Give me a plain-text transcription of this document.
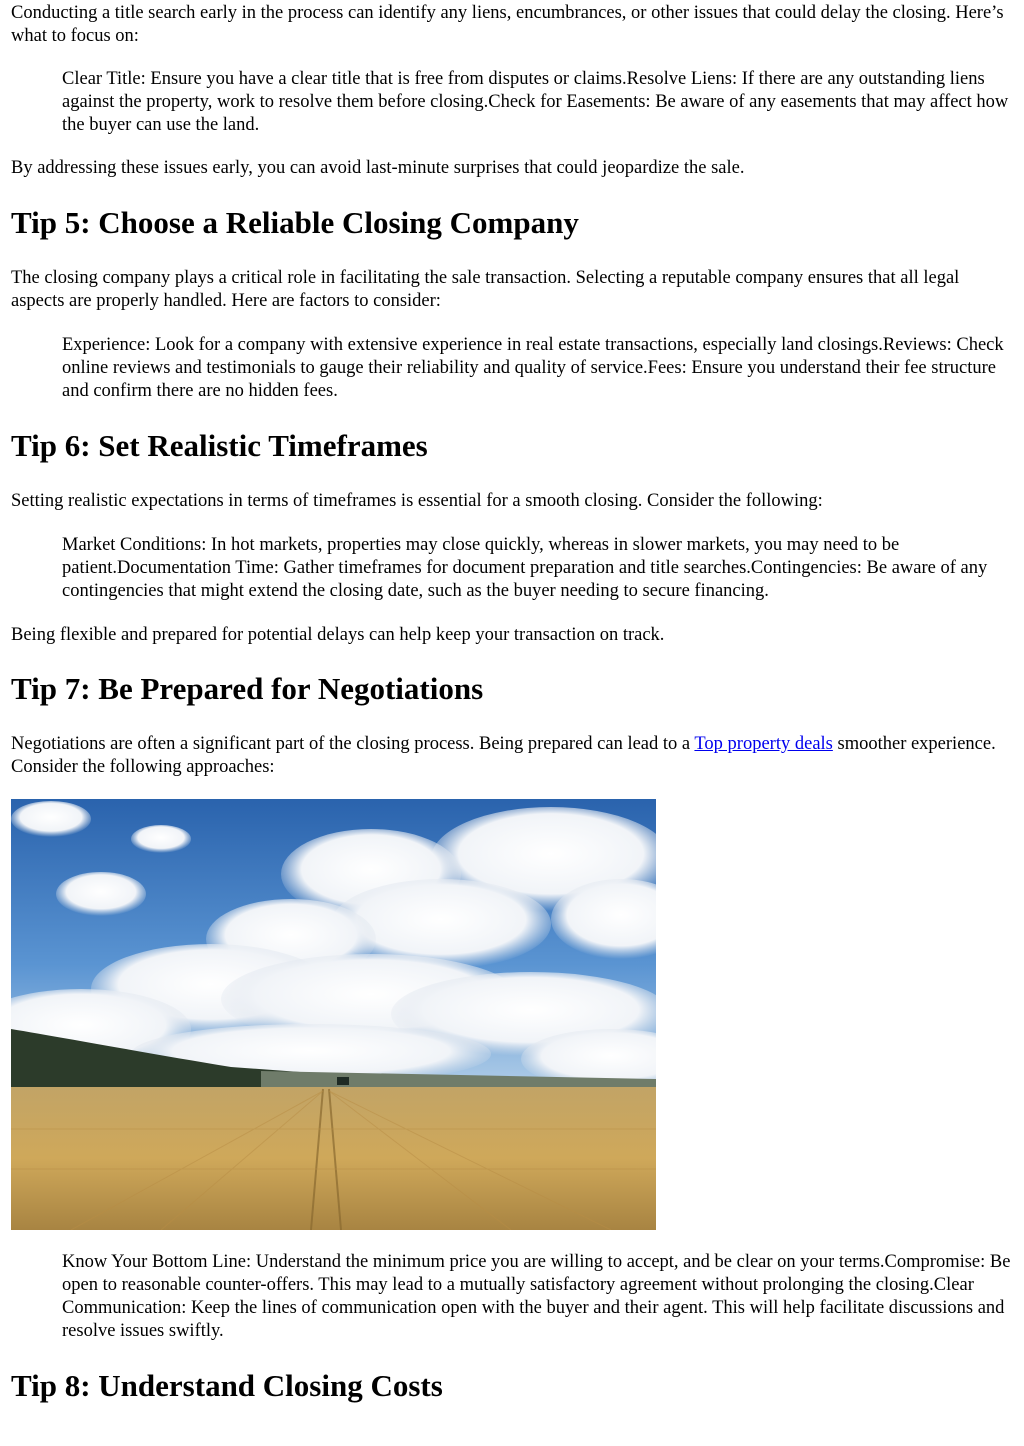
Conducting a title search early in the process can identify any liens, encumbrances, or other issues that could delay the closing. Here’s what to focus on:

Clear Title: Ensure you have a clear title that is free from disputes or claims.Resolve Liens: If there are any outstanding liens against the property, work to resolve them before closing.Check for Easements: Be aware of any easements that may affect how the buyer can use the land.

By addressing these issues early, you can avoid last-minute surprises that could jeopardize the sale.

Tip 5: Choose a Reliable Closing Company

The closing company plays a critical role in facilitating the sale transaction. Selecting a reputable company ensures that all legal aspects are properly handled. Here are factors to consider:

Experience: Look for a company with extensive experience in real estate transactions, especially land closings.Reviews: Check online reviews and testimonials to gauge their reliability and quality of service.Fees: Ensure you understand their fee structure and confirm there are no hidden fees.

Tip 6: Set Realistic Timeframes

Setting realistic expectations in terms of timeframes is essential for a smooth closing. Consider the following:

Market Conditions: In hot markets, properties may close quickly, whereas in slower markets, you may need to be patient.Documentation Time: Gather timeframes for document preparation and title searches.Contingencies: Be aware of any contingencies that might extend the closing date, such as the buyer needing to secure financing.

Being flexible and prepared for potential delays can help keep your transaction on track.

Tip 7: Be Prepared for Negotiations

Negotiations are often a significant part of the closing process. Being prepared can lead to a Top property deals smoother experience. Consider the following approaches:

Know Your Bottom Line: Understand the minimum price you are willing to accept, and be clear on your terms.Compromise: Be open to reasonable counter-offers. This may lead to a mutually satisfactory agreement without prolonging the closing.Clear Communication: Keep the lines of communication open with the buyer and their agent. This will help facilitate discussions and resolve issues swiftly.

Tip 8: Understand Closing Costs
